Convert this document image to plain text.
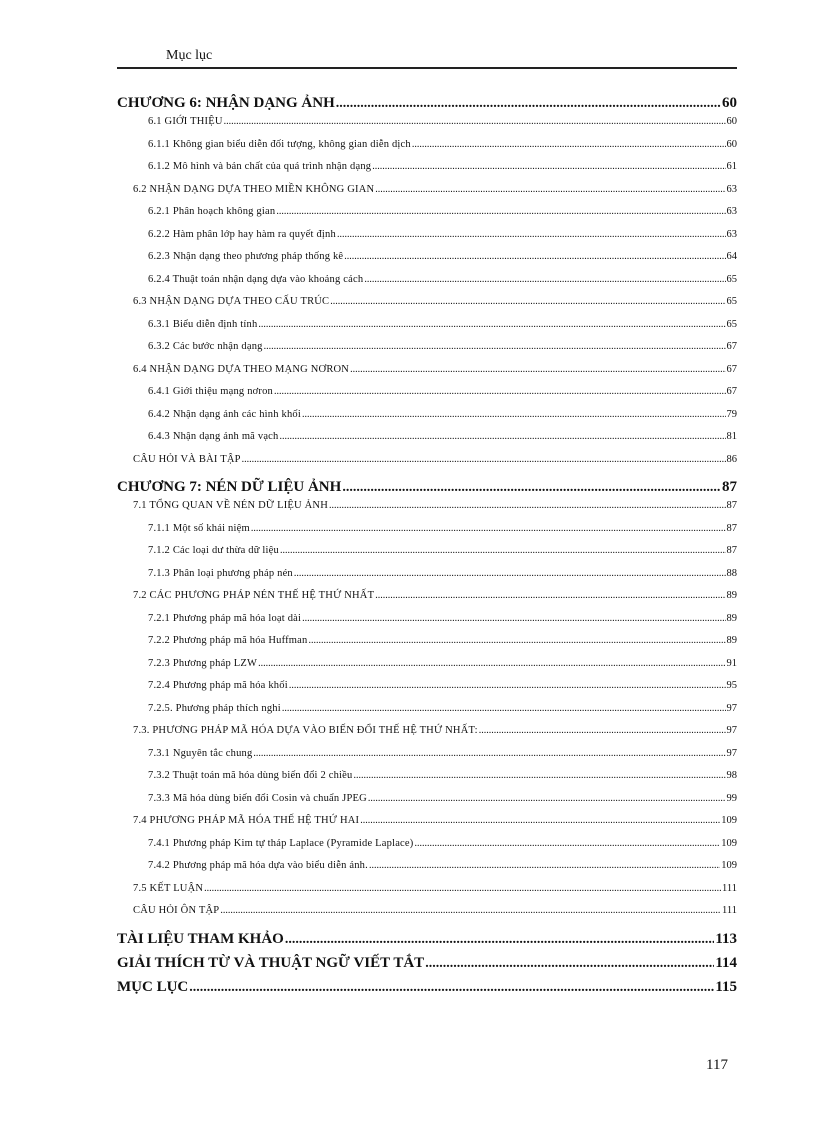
Mục lục
CHƯƠNG 6: NHẬN DẠNG ẢNH .....	60
6.1 GIỚI THIỆU .....	60
6.1.1 Không gian biểu diễn đối tượng, không gian diễn dịch .....	60
6.1.2 Mô hình và bản chất của quá trình nhận dạng .....	61
6.2 NHẬN DẠNG DỰA THEO MIỀN KHÔNG GIAN .....	63
6.2.1 Phân hoạch không gian .....	63
6.2.2 Hàm phân lớp hay hàm ra quyết định .....	63
6.2.3 Nhận dạng theo phương pháp thống kê .....	64
6.2.4 Thuật toán nhận dạng dựa vào khoảng cách .....	65
6.3 NHẬN DẠNG DỰA THEO CẤU TRÚC .....	65
6.3.1 Biểu diễn định tính .....	65
6.3.2 Các bước nhận dạng .....	67
6.4 NHẬN DẠNG DỰA THEO MẠNG NƠRON .....	67
6.4.1 Giới thiệu mạng nơron .....	67
6.4.2 Nhận dạng ảnh các hình khối .....	79
6.4.3 Nhận dạng ảnh mã vạch .....	81
CÂU HỎI VÀ BÀI TẬP .....	86
CHƯƠNG 7: NÉN DỮ LIỆU ẢNH .....	87
7.1 TỔNG QUAN VỀ NÉN DỮ LIỆU ẢNH .....	87
7.1.1 Một số khái niệm .....	87
7.1.2 Các loại dư thừa dữ liệu .....	87
7.1.3 Phân loại phương pháp nén .....	88
7.2 CÁC PHƯƠNG PHÁP NÉN THẾ HỆ THỨ NHẤT .....	89
7.2.1 Phương pháp mã hóa loạt dài .....	89
7.2.2 Phương pháp mã hóa Huffman .....	89
7.2.3 Phương pháp LZW .....	91
7.2.4 Phương pháp mã hóa khối .....	95
7.2.5. Phương pháp thích nghi .....	97
7.3. PHƯƠNG PHÁP MÃ HÓA DỰA VÀO BIẾN ĐỔI THẾ HỆ THỨ NHẤT: .....	97
7.3.1 Nguyên tắc chung .....	97
7.3.2 Thuật toán mã hóa dùng biến đổi 2 chiều .....	98
7.3.3 Mã hóa dùng biến đổi Cosin và chuẩn JPEG .....	99
7.4 PHƯƠNG PHÁP MÃ HÓA THẾ HỆ THỨ HAI .....	109
7.4.1 Phương pháp Kim tự tháp Laplace (Pyramide Laplace) .....	109
7.4.2 Phương pháp mã hóa dựa vào biểu diễn ảnh. .....	109
7.5 KẾT LUẬN .....	111
CÂU HỎI ÔN TẬP .....	111
TÀI LIỆU THAM KHẢO .....	113
GIẢI THÍCH TỪ VÀ THUẬT NGỮ VIẾT TẮT .....	114
MỤC LỤC .....	115
117
